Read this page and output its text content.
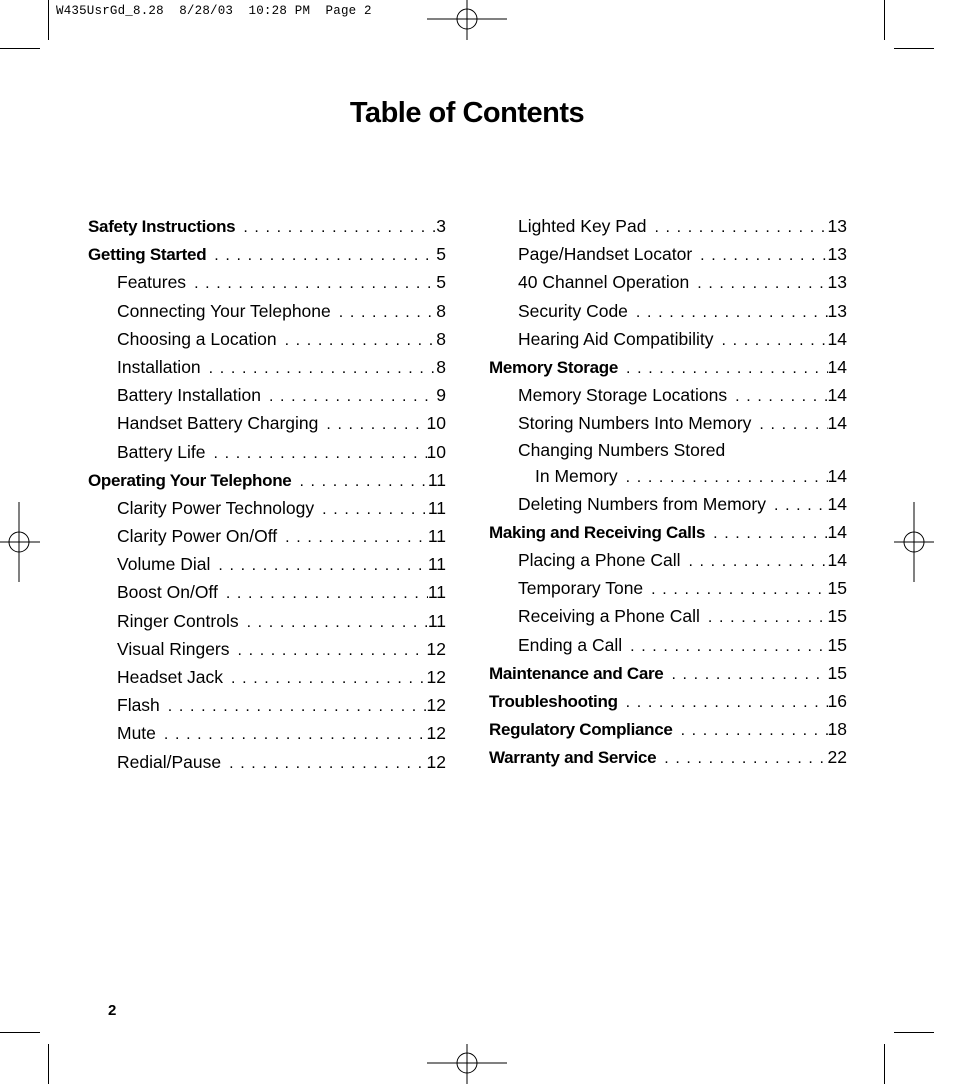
W435UsrGd_8.28  8/28/03  10:28 PM  Page 2
Table of Contents
Safety Instructions . . .	3
Getting Started . . .	5
Features . . .	5
Connecting Your Telephone . . .	8
Choosing a Location . . .	8
Installation . . .	8
Battery Installation . . .	9
Handset Battery Charging . . .	10
Battery Life . . .	10
Operating Your Telephone . . .	11
Clarity Power Technology . . .	11
Clarity Power On/Off . . .	11
Volume Dial . . .	11
Boost On/Off . . .	11
Ringer Controls . . .	11
Visual Ringers . . .	12
Headset Jack . . .	12
Flash . . .	12
Mute . . .	12
Redial/Pause . . .	12
Lighted Key Pad . . .	13
Page/Handset Locator . . .	13
40 Channel Operation . . .	13
Security Code . . .	13
Hearing Aid Compatibility . . .	14
Memory Storage . . .	14
Memory Storage Locations . . .	14
Storing Numbers Into Memory . . .	14
Changing Numbers Stored
In Memory . . .	14
Deleting Numbers from Memory . . .	14
Making and Receiving Calls . . .	14
Placing a Phone Call . . .	14
Temporary Tone . . .	15
Receiving a Phone Call . . .	15
Ending a Call . . .	15
Maintenance and Care . . .	15
Troubleshooting . . .	16
Regulatory Compliance . . .	18
Warranty and Service . . .	22
2
